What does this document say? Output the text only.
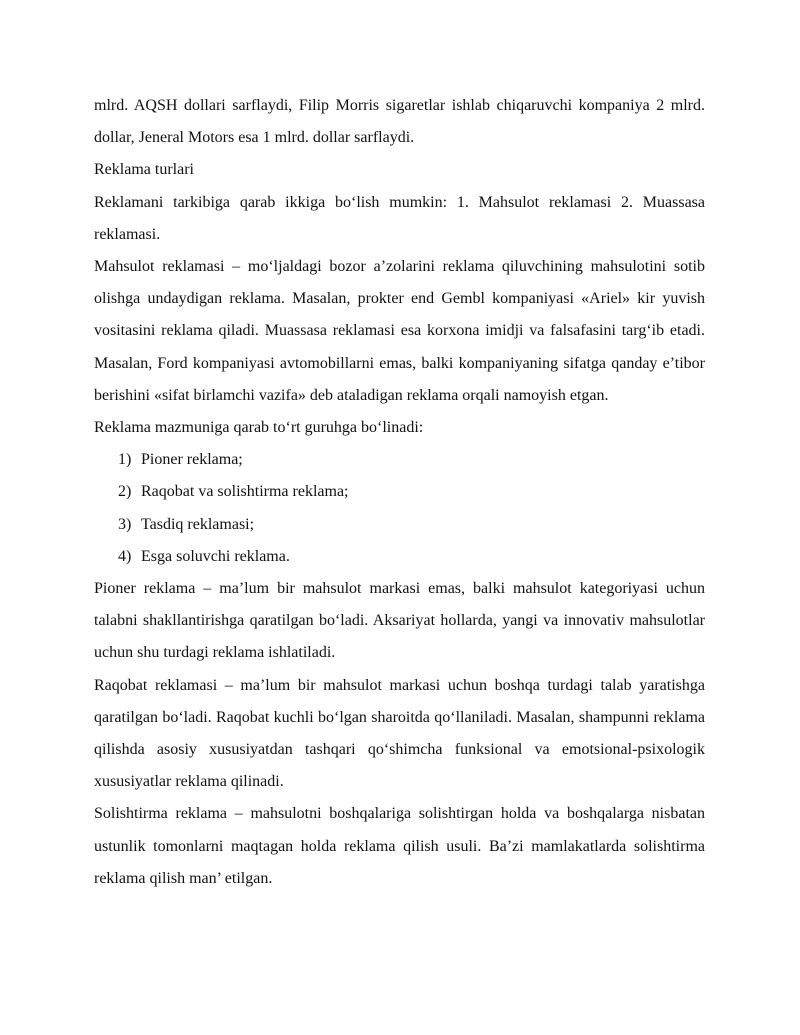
mlrd. AQSH dollari sarflaydi, Filip Morris sigaretlar ishlab chiqaruvchi kompaniya 2 mlrd. dollar, Jeneral Motors esa 1 mlrd. dollar sarflaydi.

Reklama turlari

Reklamani tarkibiga qarab ikkiga bo‘lish mumkin: 1. Mahsulot reklamasi 2. Muassasa reklamasi.

Mahsulot reklamasi – mo‘ljaldagi bozor a’zolarini reklama qiluvchining mahsulotini sotib olishga undaydigan reklama. Masalan, prokter end Gembl kompaniyasi «Ariel» kir yuvish vositasini reklama qiladi. Muassasa reklamasi esa korxona imidji va falsafasini targ‘ib etadi. Masalan, Ford kompaniyasi avtomobillarni emas, balki kompaniyaning sifatga qanday e’tibor berishini «sifat birlamchi vazifa» deb ataladigan reklama orqali namoyish etgan.

Reklama mazmuniga qarab to‘rt guruhga bo‘linadi:

1) Pioner reklama;
2) Raqobat va solishtirma reklama;
3) Tasdiq reklamasi;
4) Esga soluvchi reklama.

Pioner reklama – ma’lum bir mahsulot markasi emas, balki mahsulot kategoriyasi uchun talabni shakllantirishga qaratilgan bo‘ladi. Aksariyat hollarda, yangi va innovativ mahsulotlar uchun shu turdagi reklama ishlatiladi.

Raqobat reklamasi – ma’lum bir mahsulot markasi uchun boshqa turdagi talab yaratishga qaratilgan bo‘ladi. Raqobat kuchli bo‘lgan sharoitda qo‘llaniladi. Masalan, shampunni reklama qilishda asosiy xususiyatdan tashqari qo‘shimcha funksional va emotsional-psixologik xususiyatlar reklama qilinadi.

Solishtirma reklama – mahsulotni boshqalariga solishtirgan holda va boshqalarga nisbatan ustunlik tomonlarni maqtagan holda reklama qilish usuli. Ba’zi mamlakatlarda solishtirma reklama qilish man’ etilgan.
